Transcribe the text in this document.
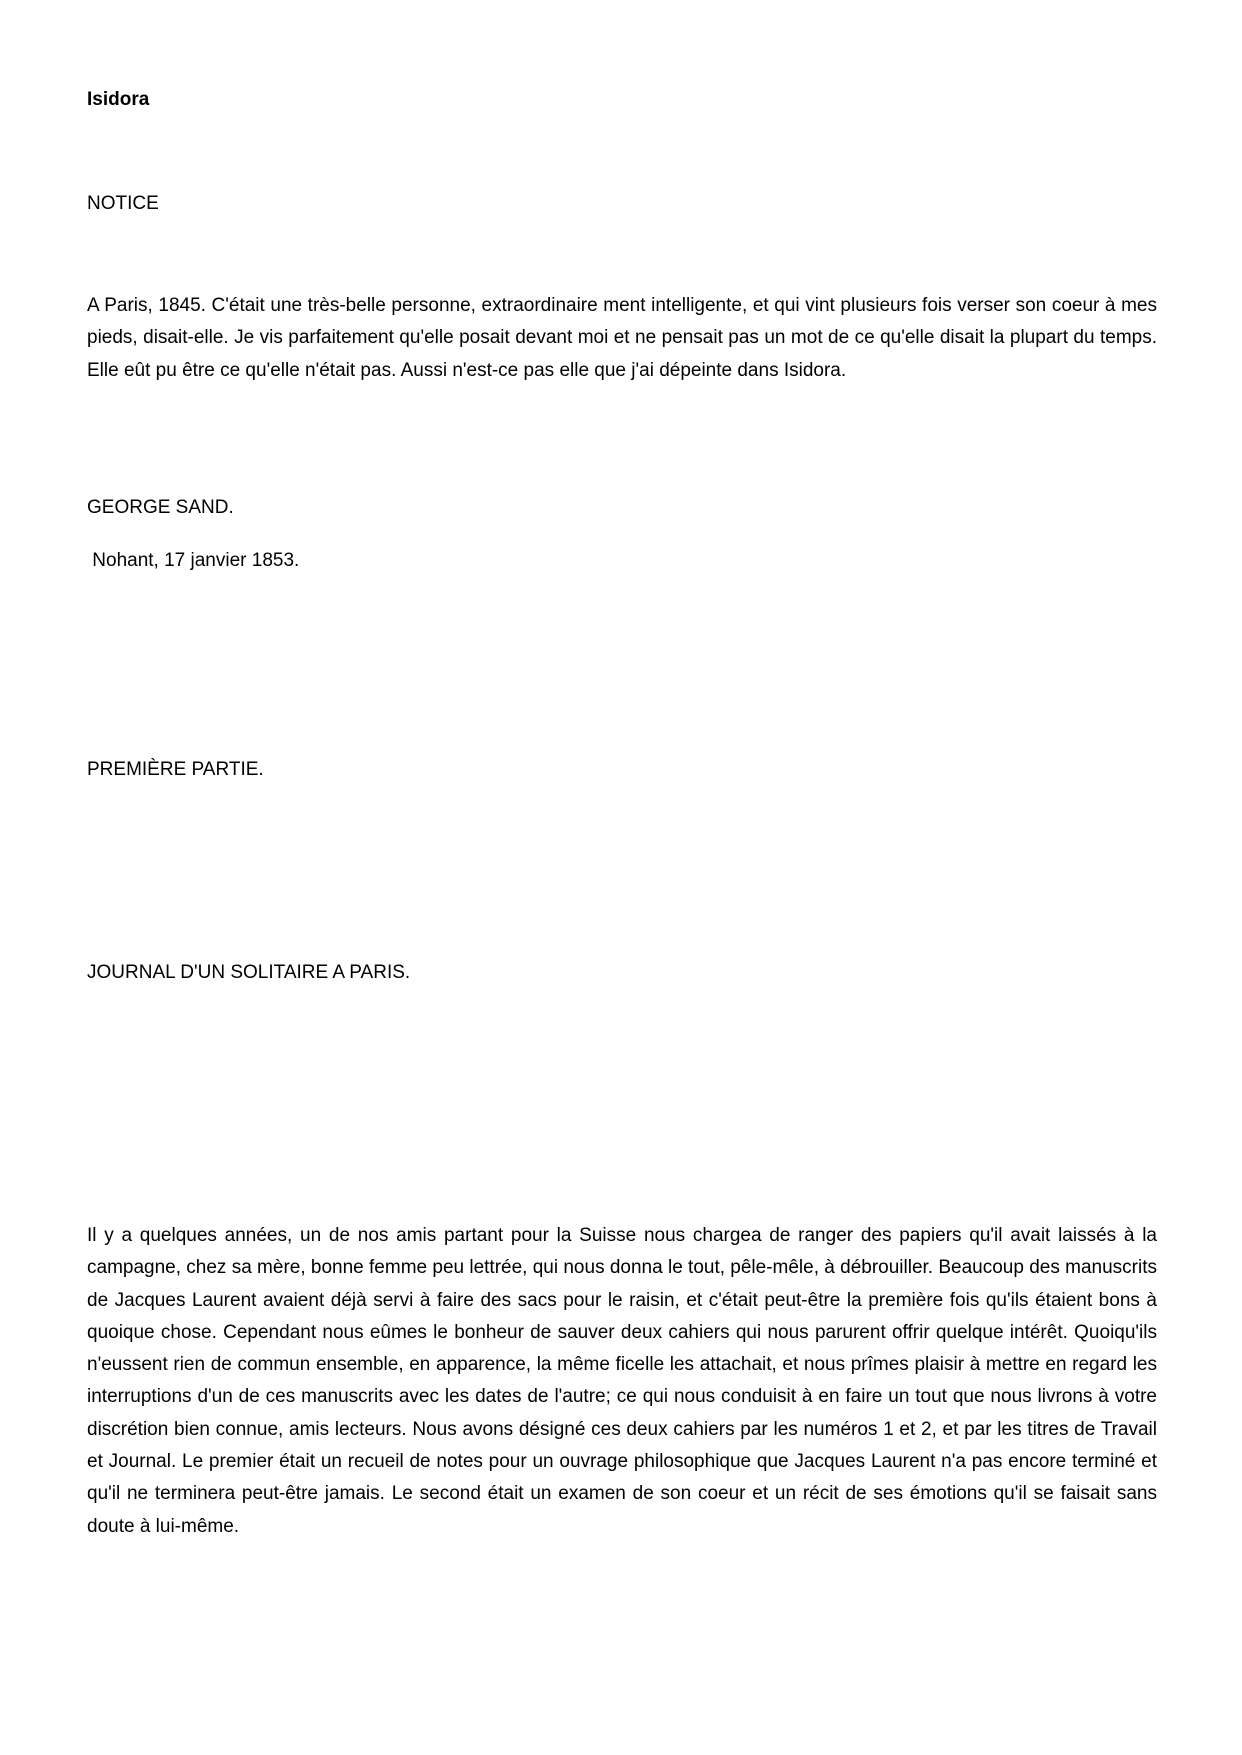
Isidora
NOTICE
A Paris, 1845. C'était une très-belle personne, extraordinaire ment intelligente, et qui vint plusieurs fois verser son coeur à mes pieds, disait-elle. Je vis parfaitement qu'elle posait devant moi et ne pensait pas un mot de ce qu'elle disait la plupart du temps. Elle eût pu être ce qu'elle n'était pas. Aussi n'est-ce pas elle que j'ai dépeinte dans Isidora.
GEORGE SAND.
Nohant, 17 janvier 1853.
PREMIÈRE PARTIE.
JOURNAL D'UN SOLITAIRE A PARIS.
Il y a quelques années, un de nos amis partant pour la Suisse nous chargea de ranger des papiers qu'il avait laissés à la campagne, chez sa mère, bonne femme peu lettrée, qui nous donna le tout, pêle-mêle, à débrouiller. Beaucoup des manuscrits de Jacques Laurent avaient déjà servi à faire des sacs pour le raisin, et c'était peut-être la première fois qu'ils étaient bons à quoique chose. Cependant nous eûmes le bonheur de sauver deux cahiers qui nous parurent offrir quelque intérêt. Quoiqu'ils n'eussent rien de commun ensemble, en apparence, la même ficelle les attachait, et nous prîmes plaisir à mettre en regard les interruptions d'un de ces manuscrits avec les dates de l'autre; ce qui nous conduisit à en faire un tout que nous livrons à votre discrétion bien connue, amis lecteurs. Nous avons désigné ces deux cahiers par les numéros 1 et 2, et par les titres de Travail et Journal. Le premier était un recueil de notes pour un ouvrage philosophique que Jacques Laurent n'a pas encore terminé et qu'il ne terminera peut-être jamais. Le second était un examen de son coeur et un récit de ses émotions qu'il se faisait sans doute à lui-même.
